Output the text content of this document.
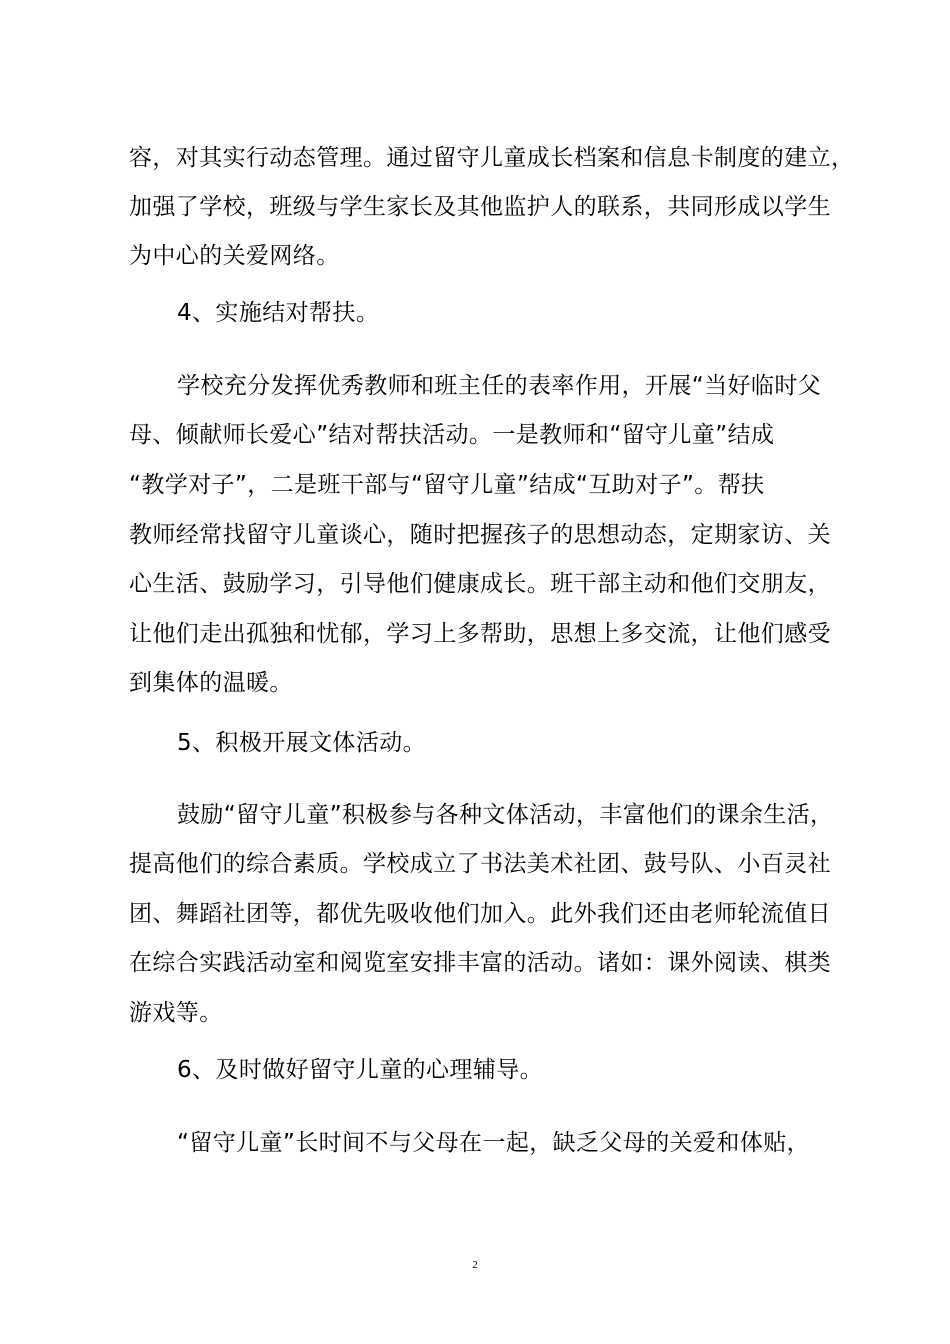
容，对其实行动态管理。通过留守儿童成长档案和信息卡制度的建立，
加强了学校，班级与学生家长及其他监护人的联系，共同形成以学生
为中心的关爱网络。
4、实施结对帮扶。
学校充分发挥优秀教师和班主任的表率作用，开展“当好临时父
母、倾献师长爱心”结对帮扶活动。一是教师和“留守儿童”结成
“教学对子”，二是班干部与“留守儿童”结成“互助对子”。帮扶
教师经常找留守儿童谈心，随时把握孩子的思想动态，定期家访、关
心生活、鼓励学习，引导他们健康成长。班干部主动和他们交朋友，
让他们走出孤独和忧郁，学习上多帮助，思想上多交流，让他们感受
到集体的温暖。
5、积极开展文体活动。
鼓励“留守儿童”积极参与各种文体活动，丰富他们的课余生活，
提高他们的综合素质。学校成立了书法美术社团、鼓号队、小百灵社
团、舞蹈社团等，都优先吸收他们加入。此外我们还由老师轮流值日
在综合实践活动室和阅览室安排丰富的活动。诸如：课外阅读、棋类
游戏等。
6、及时做好留守儿童的心理辅导。
“留守儿童”长时间不与父母在一起，缺乏父母的关爱和体贴，
2
